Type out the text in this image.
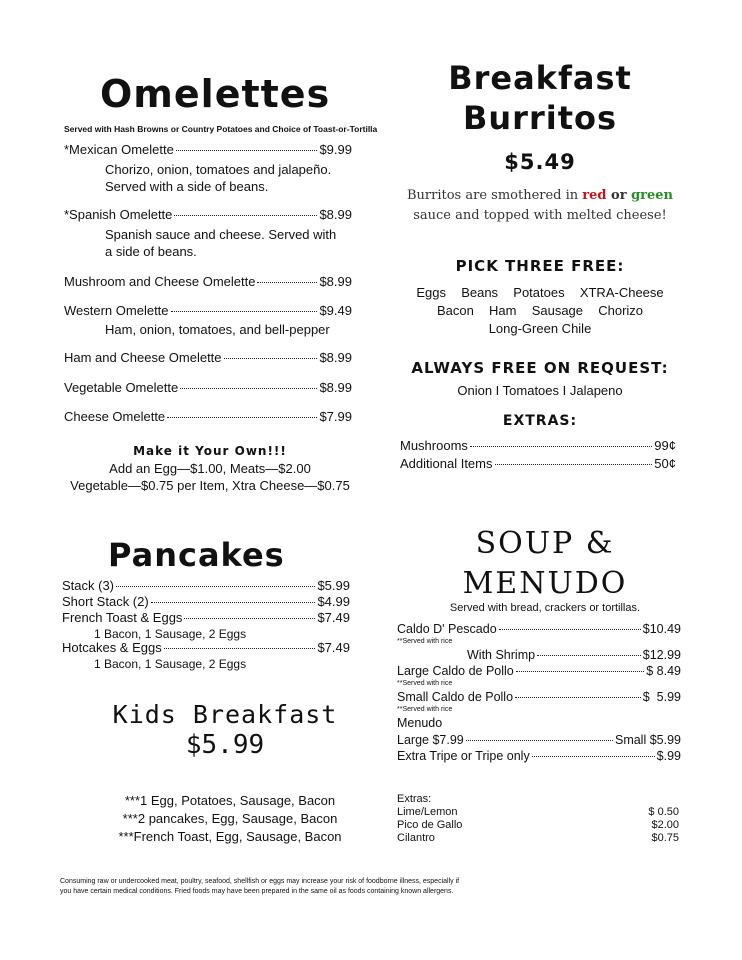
Omelettes
Served with Hash Browns or Country Potatoes and Choice of Toast-or-Tortilla
*Mexican Omelette	$9.99
Chorizo, onion, tomatoes and jalapeño. Served with a side of beans.
*Spanish Omelette	$8.99
Spanish sauce and cheese. Served with a side of beans.
Mushroom and Cheese Omelette	$8.99
Western Omelette	$9.49
Ham, onion, tomatoes, and bell-pepper
Ham and Cheese Omelette	$8.99
Vegetable Omelette	$8.99
Cheese Omelette	$7.99
Make it Your Own!!!
Add an Egg—$1.00, Meats—$2.00
Vegetable—$0.75 per Item, Xtra Cheese—$0.75
Pancakes
Stack (3)	$5.99
Short Stack (2)	$4.99
French Toast & Eggs	$7.49
1 Bacon, 1 Sausage, 2 Eggs
Hotcakes & Eggs	$7.49
1 Bacon, 1 Sausage, 2 Eggs
Kids Breakfast
$5.99
***1 Egg, Potatoes, Sausage, Bacon
***2 pancakes, Egg, Sausage, Bacon
***French Toast, Egg, Sausage, Bacon
Consuming raw or undercooked meat, poultry, seafood, shellfish or eggs may increase your risk of foodborne illness, especially if
you have certain medical conditions. Fried foods may have been prepared in the same oil as foods containing known allergens.
Breakfast
Burritos
$5.49
Burritos are smothered in red or green
sauce and topped with melted cheese!
PICK THREE FREE:
Eggs  Beans  Potatoes  XTRA-Cheese
Bacon  Ham  Sausage  Chorizo
Long-Green Chile
ALWAYS FREE ON REQUEST:
Onion I Tomatoes I Jalapeno
EXTRAS:
Mushrooms	99¢
Additional Items	50¢
SOUP &
MENUDO
Served with bread, crackers or tortillas.
Caldo D' Pescado	$10.49
**Served with rice
With Shrimp	$12.99
Large Caldo de Pollo	$ 8.49
**Served with rice
Small Caldo de Pollo	$  5.99
**Served with rice
Menudo
Large $7.99	Small $5.99
Extra Tripe or Tripe only	$.99
Extras:
Lime/Lemon	$ 0.50
Pico de Gallo	$2.00
Cilantro	$0.75
